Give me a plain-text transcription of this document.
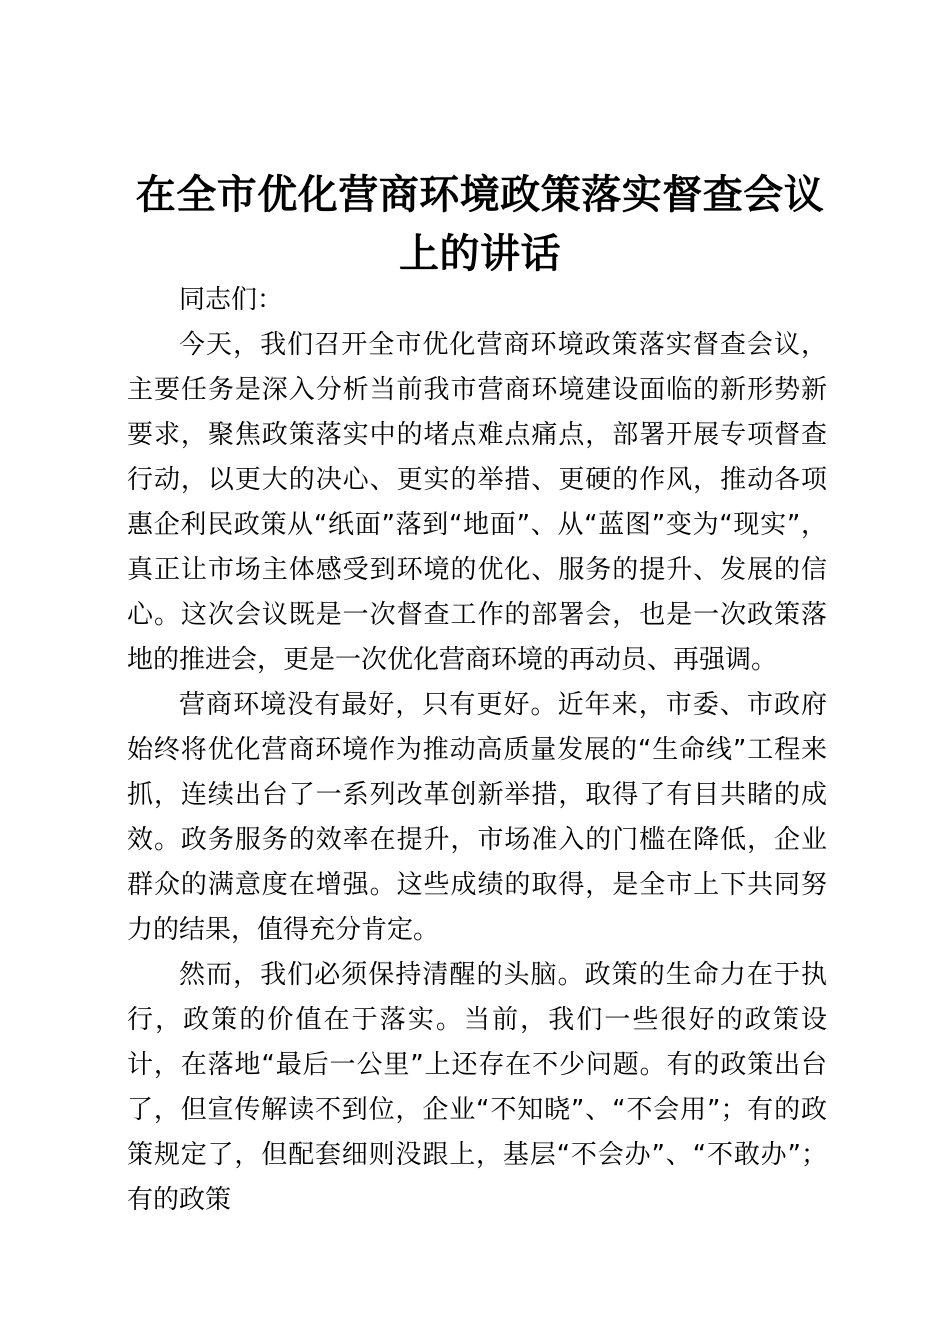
在全市优化营商环境政策落实督查会议
上的讲话

同志们：

今天，我们召开全市优化营商环境政策落实督查会议，主要任务是深入分析当前我市营商环境建设面临的新形势新要求，聚焦政策落实中的堵点难点痛点，部署开展专项督查行动，以更大的决心、更实的举措、更硬的作风，推动各项惠企利民政策从“纸面”落到“地面”、从“蓝图”变为“现实”，真正让市场主体感受到环境的优化、服务的提升、发展的信心。这次会议既是一次督查工作的部署会，也是一次政策落地的推进会，更是一次优化营商环境的再动员、再强调。

营商环境没有最好，只有更好。近年来，市委、市政府始终将优化营商环境作为推动高质量发展的“生命线”工程来抓，连续出台了一系列改革创新举措，取得了有目共睹的成效。政务服务的效率在提升，市场准入的门槛在降低，企业群众的满意度在增强。这些成绩的取得，是全市上下共同努力的结果，值得充分肯定。

然而，我们必须保持清醒的头脑。政策的生命力在于执行，政策的价值在于落实。当前，我们一些很好的政策设计，在落地“最后一公里”上还存在不少问题。有的政策出台了，但宣传解读不到位，企业“不知晓”、“不会用”；有的政策规定了，但配套细则没跟上，基层“不会办”、“不敢办”；有的政策
